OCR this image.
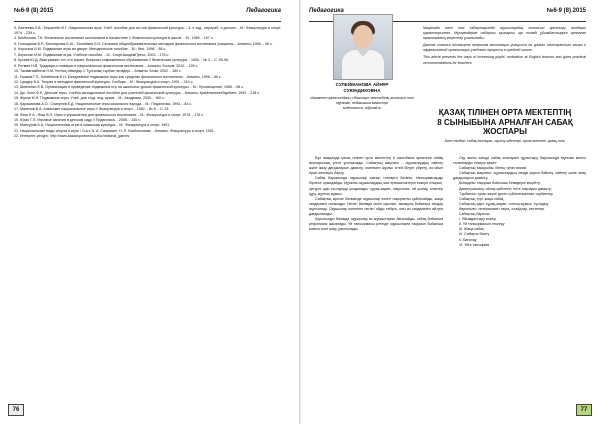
№6-9 (8) 2015	Педагогика

3. Бахтеева Л.В., Берштейн В.Г. Национальная игра. Учеб. пособие для ин-тов физической культуры. - 4- е изд., перераб. и дополн. - М.: Физкультура и спорт, 1974. - 239 с.

4. Бекболова Т.Н. Физическое воспитание школьников в Казахстане // Физическая культура в школе. - М., 1989. - 197 с.

5. Голощапов Б.Р., Бахтиярова Б.Ю., Токтабаев Б.Н. Сельские общеобразовательные методики физического воспитания учащихся. - Алматы, 1995. - 98 с.

6. Коротков И.М. Подвижные игры во дворе: Методическое пособие. - М.: Фис, 1998. - 88 с.

7. Беркстан И.М. Подвижные игры. Учебное пособие. - М.: СпортАкадемПресс, 2002. - 176 с.

8. Кутаев Ю.Д. Выигрывает тот, кто играет. Вопросы современного образования // Физическая культура. - 1990. - № 3. - С. 95-96.

9. Ротман Н.В. Традиции и новации в национальном физическом воспитании. - Алматы: Ғылым, 2010. - 128 с.

10. Тасмағамбетов Н.М. Ұлттық ойындар // Тұлғалық тәрбие негіздері. - Алматы: Білім, 2002. - 180 с.

11. Ушаков Г.Л., Калибеков Б.Н. Ежедневные подвижные игры как средство физического воспитания. - Алматы, 1996. - 85 с.

12. Цандер Б.К. Теория и методика физической культуры. Учебник. - М.: Физкультура и спорт, 1991. - 310 с.

13. Шевченко Е.В. Организация и проведение подвижных игр на школьных уроках физической культуры. - М.: Просвещение, 1965. - 98 с.

14. Дж. Холл Ф.Е. Детские игры. Учебно-методическое пособие для учителей физической культуры. - Алматы: ҚазМемлекетӘдебиет, 1993. - 218 с.

15. Жуков М.Н. Подвижные игры: Учеб. для студ. пед. вузов. - М.: Академия, 2000. - 160 с.

16. Қаражанова А.О., Смагулов Е.Д. Национальные игры казахского народа. - М.: Педагогика, 1993. - 83 с.

17. Мазилов В.А. Казахские национальные игры // Физкультура и спорт. - 1982. - № 6. - С. 24.

18. Фиш Н.А., Фиш В.П. Игры и упражнения для физического воспитания. - М.: Физкультура и спорт, 1978. - 176 с.

19. Юрко Г.П. Игровые занятия в детском саду // Педагогика. - 2008. - 130 с.

20. Мансуров Б.А. Национальные игры и казахская культура. - М.: Физкультура и спорт, 1991.

21. Национальные виды спорта и игры / Сост. А. А. Сапрыкин, Н. П. Бекбосынова. - Алматы: Физкультура и спорт, 1991.

22. Интернет-ресурс: http://www.kazaksportnews.kz/kz/national_games

76
Педагогика	№6-9 (8) 2015
СУЛЕЙМАНОВА АЙНҰР
СУЮНДИКОВНА
Шымкент қаласындағы «Жастар» мектебінің ағылшын тілі мұғалімі, педагогика магистрі
suleimanova_a@mail.ru

Мақалада шет тілі сабақтарында оқушылардың ынтасын арттыру жолдары қарастырылған. Мұғалімдерге сабақты қызықты әрі тиімді ұйымдастыруға арналған практикалық кеңестер ұсынылады.

Данная статья посвящена вопросам мотивации учащихся на уроках иностранного языка и эффективной организации учебного процесса в средней школе.

This article presents the ways of increasing pupils' motivation at English lessons and gives practical recommendations for teachers.

ҚАЗАҚ ТІЛІНЕН ОРТА МЕКТЕПТІҢ
8 СЫНЫБЫНА АРНАЛҒАН САБАҚ
ЖОСПАРЫ
Кілт сөздер: сабақ жоспары, оқыту әдістері, орта мектеп, қазақ тілі.

Бұл мақалада қазақ тілінен орта мектептің 8 сыныбына арналған сабақ жоспарының үлгісі ұсынылады. Сабақтың мақсаты – оқушылардың сөйлеу және жазу дағдыларын дамыту, мәтінмен жұмыс істей білуге үйрету, өз ойын еркін жеткізуге баулу.

Сабақ барысында оқушылар шағын топтарға бөлініп, тапсырмаларды бірлесе орындайды. Мұғалім оқушылардың жас ерекшеліктерін ескере отырып, әртүрлі әдіс-тәсілдерді қолданады: сұрақ-жауап, пікірталас, ой қозғау, кластер құру, жұптық жұмыс.

Сабақтың кіріспе бөлімінде оқушылар өткен тақырыпты қайталайды, жаңа сөздермен танысады. Негізгі бөлімде мәтін оқылып, мазмұны бойынша талдау жүргізіледі. Оқушылар мәтіннен негізгі ойды табуға, оны өз сөздерімен айтуға дағдыланады.

Қорытынды бөлімде оқушылар өз жұмыстарын бағалайды, сабақ бойынша рефлексия жасалады. Үй тапсырмасы ретінде оқушыларға тақырып бойынша шағын эссе жазу ұсынылады.

Оқу жылы ішінде сабақ жоспарын құрастыру барысында мұғалім келесі талаптарды ескеруі қажет:

Сабақтың тақырыбы: Менің туған өлкем

Сабақтың мақсаты: оқушылардың сөздік қорын байыту, сөйлеу және жазу дағдыларын дамыту;

Білімділік: тақырып бойынша білімдерін кеңейту;

Дамытушылық: ойлау қабілетін, есте сақтауын дамыту;

Тәрбиелік: туған жерге деген сүйіспеншілікке тәрбиелеу.

Сабақтың түрі: жаңа сабақ

Сабақтың әдісі: сұрақ-жауап, топтық жұмыс, түсіндіру

Көрнекілігі: интерактивті тақта, слайдтар, кестелер.

Сабақтың барысы:

I. Ұйымдастыру кезеңі

II. Үй тапсырмасын тексеру

III. Жаңа сабақ

IV. Сабақты бекіту

V. Бағалау

VI. Үйге тапсырма

77
